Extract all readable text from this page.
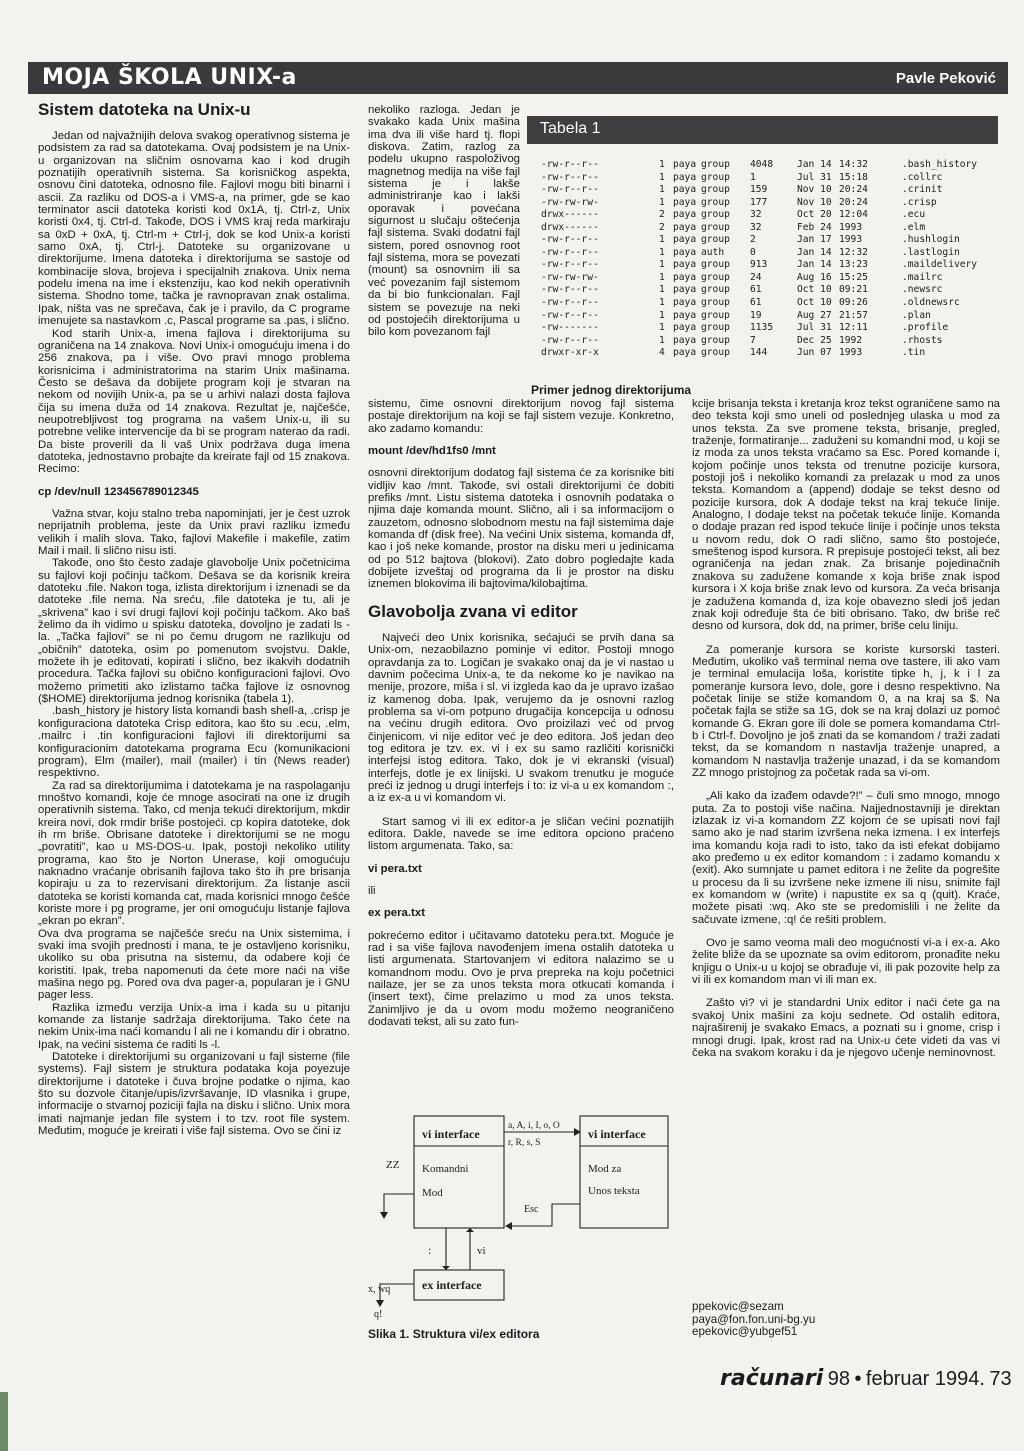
MOJA ŠKOLA UNIX-a	Pavle Peković
Sistem datoteka na Unix-u

Jedan od najvažnijih delova svakog operativnog sistema je podsistem za rad sa datotekama. Ovaj podsistem je na Unix-u organizovan na sličnim osnovama kao i kod drugih poznatijih operativnih sistema. Sa korisničkog aspekta, osnovu čini datoteka, odnosno file. Fajlovi mogu biti binarni i ascii. Za razliku od DOS-a i VMS-a, na primer, gde se kao terminator ascii datoteka koristi kod 0x1A, tj. Ctrl-z, Unix koristi 0x4, tj. Ctrl-d. Takođe, DOS i VMS kraj reda markiraju sa 0xD + 0xA, tj. Ctrl-m + Ctrl-j, dok se kod Unix-a koristi samo 0xA, tj. Ctrl-j. Datoteke su organizovane u direktorijume. Imena datoteka i direktorijuma se sastoje od kombinacije slova, brojeva i specijalnih znakova. Unix nema podelu imena na ime i ekstenziju, kao kod nekih operativnih sistema. Shodno tome, tačka je ravnopravan znak ostalima. Ipak, ništa vas ne sprečava, čak je i pravilo, da C programe imenujete sa nastavkom .c, Pascal programe sa .pas, i slično.

Kod starih Unix-a, imena fajlova i direktorijuma su ograničena na 14 znakova. Novi Unix-i omogućuju imena i do 256 znakova, pa i više. Ovo pravi mnogo problema korisnicima i administratorima na starim Unix mašinama. Često se dešava da dobijete program koji je stvaran na nekom od novijih Unix-a, pa se u arhivi nalazi dosta fajlova čija su imena duža od 14 znakova. Rezultat je, najčešće, neupotrebljivost tog programa na vašem Unix-u, ili su potrebne velike intervencije da bi se program naterao da radi. Da biste proverili da li vaš Unix podržava duga imena datoteka, jednostavno probajte da kreirate fajl od 15 znakova. Recimo:

cp /dev/null 123456789012345

Važna stvar, koju stalno treba napominjati, jer je čest uzrok neprijatnih problema, jeste da Unix pravi razliku između velikih i malih slova. Tako, fajlovi Makefile i makefile, zatim Mail i mail. li slično nisu isti.

Takođe, ono što često zadaje glavobolje Unix početnicima su fajlovi koji počinju tačkom. Dešava se da korisnik kreira datoteku .file. Nakon toga, izlista direktorijum i iznenadi se da datoteke .file nema. Na sreću, .file datoteka je tu, ali je „skrivena” kao i svi drugi fajlovi koji počinju tačkom. Ako baš želimo da ih vidimo u spisku datoteka, dovoljno je zadati ls -la. „Tačka fajlovi” se ni po čemu drugom ne razlikuju od „običnih” datoteka, osim po pomenutom svojstvu. Dakle, možete ih je editovati, kopirati i slično, bez ikakvih dodatnih procedura. Tačka fajlovi su obično konfiguracioni fajlovi. Ovo možemo primetiti ako izlistamo tačka fajlove iz osnovnog ($HOME) direktorijuma jednog korisnika (tabela 1).

.bash_history je history lista komandi bash shell-a, .crisp je konfiguraciona datoteka Crisp editora, kao što su .ecu, .elm, .mailrc i .tin konfiguracioni fajlovi ili direktorijumi sa konfiguracionim datotekama programa Ecu (komunikacioni program), Elm (mailer), mail (mailer) i tin (News reader) respektivno.

Za rad sa direktorijumima i datotekama je na raspolaganju mnoštvo komandi, koje će mnoge asocirati na one iz drugih operativnih sistema. Tako, cd menja tekući direktorijum, mkdir kreira novi, dok rmdir briše postojeći. cp kopira datoteke, dok ih rm briše. Obrisane datoteke i direktorijumi se ne mogu „povratiti”, kao u MS-DOS-u. Ipak, postoji nekoliko utility programa, kao što je Norton Unerase, koji omogućuju naknadno vraćanje obrisanih fajlova tako što ih pre brisanja kopiraju u za to rezervisani direktorijum. Za listanje ascii datoteka se koristi komanda cat, mada korisnici mnogo češće koriste more i pg programe, jer oni omogućuju listanje fajlova „ekran po ekran”.

Ova dva programa se najčešće sreću na Unix sistemima, i svaki ima svojih prednosti i mana, te je ostavljeno korisniku, ukoliko su oba prisutna na sistemu, da odabere koji će koristiti. Ipak, treba napomenuti da ćete more naći na više mašina nego pg. Pored ova dva pager-a, popularan je i GNU pager less.

Razlika između verzija Unix-a ima i kada su u pitanju komande za listanje sadržaja direktorijuma. Tako ćete na nekim Unix-ima naći komandu l ali ne i komandu dir i obratno. Ipak, na većini sistema će raditi ls -l.

Datoteke i direktorijumi su organizovani u fajl sisteme (file systems). Fajl sistem je struktura podataka koja poyezuje direktorijume i datoteke i čuva brojne podatke o njima, kao što su dozvole čitanje/upis/izvršavanje, ID vlasnika i grupe, informacije o stvarnoj poziciji fajla na disku i slično. Unix mora imati najmanje jedan file system i to tzv. root file system. Međutim, moguće je kreirati i više fajl sistema. Ovo se čini iz

nekoliko razloga. Jedan je svakako kada Unix mašina ima dva ili više hard tj. flopi diskova. Zatim, razlog za podelu ukupno raspoloživog magnetnog medija na više fajl sistema je i lakše administriranje kao i lakši oporavak i povećana sigurnost u slučaju oštećenja fajl sistema. Svaki dodatni fajl sistem, pored osnovnog root fajl sistema, mora se povezati (mount) sa osnovnim ili sa već povezanim fajl sistemom da bi bio funkcionalan. Fajl sistem se povezuje na neki od postojećih direktorijuma u bilo kom povezanom fajl

Tabela 1
-rw-r--r--	1 paya group 4048 Jan 14 14:32	.bash_history
-rw-r--r--	1 paya group 1	Jul 31 15:18	.collrc
-rw-r--r--	1 paya group 159	Nov 10 20:24	.crinit
-rw-rw-rw-	1 paya group 177	Nov 10 20:24	.crisp
drwx------	2 paya group 32	Oct 20 12:04	.ecu
drwx------	2 paya group 32	Feb 24 1993	.elm
-rw-r--r--	1 paya group 2	Jan 17 1993	.hushlogin
-rw-r--r--	1 paya auth	0	Jan 14 12:32	.lastlogin
-rw-r--r--	1 paya group 913	Jan 14 13:23	.maildelivery
-rw-rw-rw-	1 paya group 24	Aug 16 15:25	.mailrc
-rw-r--r--	1 paya group 61	Oct 10 09:21	.newsrc
-rw-r--r--	1 paya group 61	Oct 10 09:26	.oldnewsrc
-rw-r--r--	1 paya group 19	Aug 27 21:57	.plan
-rw-------	1 paya group 1135 Jul 31 12:11	.profile
-rw-r--r--	1 paya group 7	Dec 25 1992	.rhosts
drwxr-xr-x	4 paya group 144	Jun 07 1993	.tin
Primer jednog direktorijuma

sistemu, čime osnovni direktorijum novog fajl sistema postaje direktorijum na koji se fajl sistem vezuje. Konkretno, ako zadamo komandu:

mount /dev/hd1fs0 /mnt

osnovni direktorijum dodatog fajl sistema će za korisnike biti vidljiv kao /mnt. Takođe, svi ostali direktorijumi će dobiti prefiks /mnt. Listu sistema datoteka i osnovnih podataka o njima daje komanda mount. Slično, ali i sa informacijom o zauzetom, odnosno slobodnom mestu na fajl sistemima daje komanda df (disk free). Na većini Unix sistema, komanda df, kao i još neke komande, prostor na disku meri u jedinicama od po 512 bajtova (blokovi). Zato dobro pogledajte kada dobijete izveštaj od programa da li je prostor na disku iznemen blokovima ili bajtovima/kilobajtima.

Glavobolja zvana vi editor

Najveći deo Unix korisnika, sećajući se prvih dana sa Unix-om, nezaobilazno pominje vi editor. Postoji mnogo opravdanja za to. Logičan je svakako onaj da je vi nastao u davnim počecima Unix-a, te da nekome ko je navikao na menije, prozore, miša i sl. vi izgleda kao da je upravo izašao iz kamenog doba. Ipak, verujemo da je osnovni razlog problema sa vi-om potpuno drugačija koncepcija u odnosu na većinu drugih editora. Ovo proizilazi već od prvog činjenicom. vi nije editor već je deo editora. Još jedan deo tog editora je tzv. ex. vi i ex su samo različiti korisnički interfejsi istog editora. Tako, dok je vi ekranski (visual) interfejs, dotle je ex linijski. U svakom trenutku je moguće preći iz jednog u drugi interfejs i to: iz vi-a u ex komandom :, a iz ex-a u vi komandom vi.

Start samog vi ili ex editor-a je sličan većini poznatijih editora. Dakle, navede se ime editora opciono praćeno listom argumenata. Tako, sa:

vi pera.txt

ili

ex pera.txt

pokrećemo editor i učitavamo datoteku pera.txt. Moguće je rad i sa više fajlova navođenjem imena ostalih datoteka u listi argumenata. Startovanjem vi editora nalazimo se u komandnom modu. Ovo je prva prepreka na koju početnici nailaze, jer se za unos teksta mora otkucati komanda i (insert text), čime prelazimo u mod za unos teksta. Zanimljivo je da u ovom modu možemo neograničeno dodavati tekst, ali su zato fun-

vi interface
Komandni
Mod
vi interface
Mod za
Unos teksta
a, A, i, I, o, O
r, R, s, S
Esc
ZZ
:	vi
ex interface
x, wq
q!
Slika 1. Struktura vi/ex editora

kcije brisanja teksta i kretanja kroz tekst ograničene samo na deo teksta koji smo uneli od poslednjeg ulaska u mod za unos teksta. Za sve promene teksta, brisanje, pregled, traženje, formatiranje... zaduženi su komandni mod, u koji se iz moda za unos teksta vraćamo sa Esc. Pored komande i, kojom počinje unos teksta od trenutne pozicije kursora, postoji još i nekoliko komandi za prelazak u mod za unos teksta. Komandom a (append) dodaje se tekst desno od pozicije kursora, dok A dodaje tekst na kraj tekuće linije. Analogno, I dodaje tekst na početak tekuće linije. Komanda o dodaje prazan red ispod tekuće linije i počinje unos teksta u novom redu, dok O radi slično, samo što postojeće, smeštenog ispod kursora. R prepisuje postojeći tekst, ali bez ograničenja na jedan znak. Za brisanje pojedinačnih znakova su zadužene komande x koja briše znak ispod kursora i X koja briše znak levo od kursora. Za veća brisanja je zadužena komanda d, iza koje obavezno sledi još jedan znak koji određuje šta će biti obrisano. Tako, dw briše reč desno od kursora, dok dd, na primer, briše celu liniju.

Za pomeranje kursora se koriste kursorski tasteri. Međutim, ukoliko vaš terminal nema ove tastere, ili ako vam je terminal emulacija loša, koristite tipke h, j, k i l za pomeranje kursora levo, dole, gore i desno respektivno. Na početak linije se stiže komandom 0, a na kraj sa $. Na početak fajla se stiže sa 1G, dok se na kraj dolazi uz pomoć komande G. Ekran gore ili dole se pomera komandama Ctrl-b i Ctrl-f. Dovoljno je još znati da se komandom / traži zadati tekst, da se komandom n nastavlja traženje unapred, a komandom N nastavlja traženje unazad, i da se komandom ZZ mnogo pristojnog za početak rada sa vi-om.

„Ali kako da izađem odavde?!” – čuli smo mnogo, mnogo puta. Za to postoji više načina. Najjednostavniji je direktan izlazak iz vi-a komandom ZZ kojom će se upisati novi fajl samo ako je nad starim izvršena neka izmena. I ex interfejs ima komandu koja radi to isto, tako da isti efekat dobijamo ako pređemo u ex editor komandom : i zadamo komandu x (exit). Ako sumnjate u pamet editora i ne želite da pogrešite u procesu da li su izvršene neke izmene ili nisu, snimite fajl ex komandom w (write) i napustite ex sa q (quit). Kraće, možete pisati :wq. Ako ste se predomislili i ne želite da sačuvate izmene, :q! će rešiti problem.

Ovo je samo veoma mali deo mogućnosti vi-a i ex-a. Ako želite bliže da se upoznate sa ovim editorom, pronađite neku knjigu o Unix-u u kojoj se obrađuje vi, ili pak pozovite help za vi ili ex komandom man vi ili man ex.

Zašto vi? vi je standardni Unix editor i naći ćete ga na svakoj Unix mašini za koju sednete. Od ostalih editora, najraširenij je svakako Emacs, a poznati su i gnome, crisp i mnogi drugi. Ipak, krost rad na Unix-u ćete videti da vas vi čeka na svakom koraku i da je njegovo učenje neminovnost.

ppekovic@sezam
paya@fon.fon.uni-bg.yu
epekovic@yubgef51
računari 98 • februar 1994. 73
